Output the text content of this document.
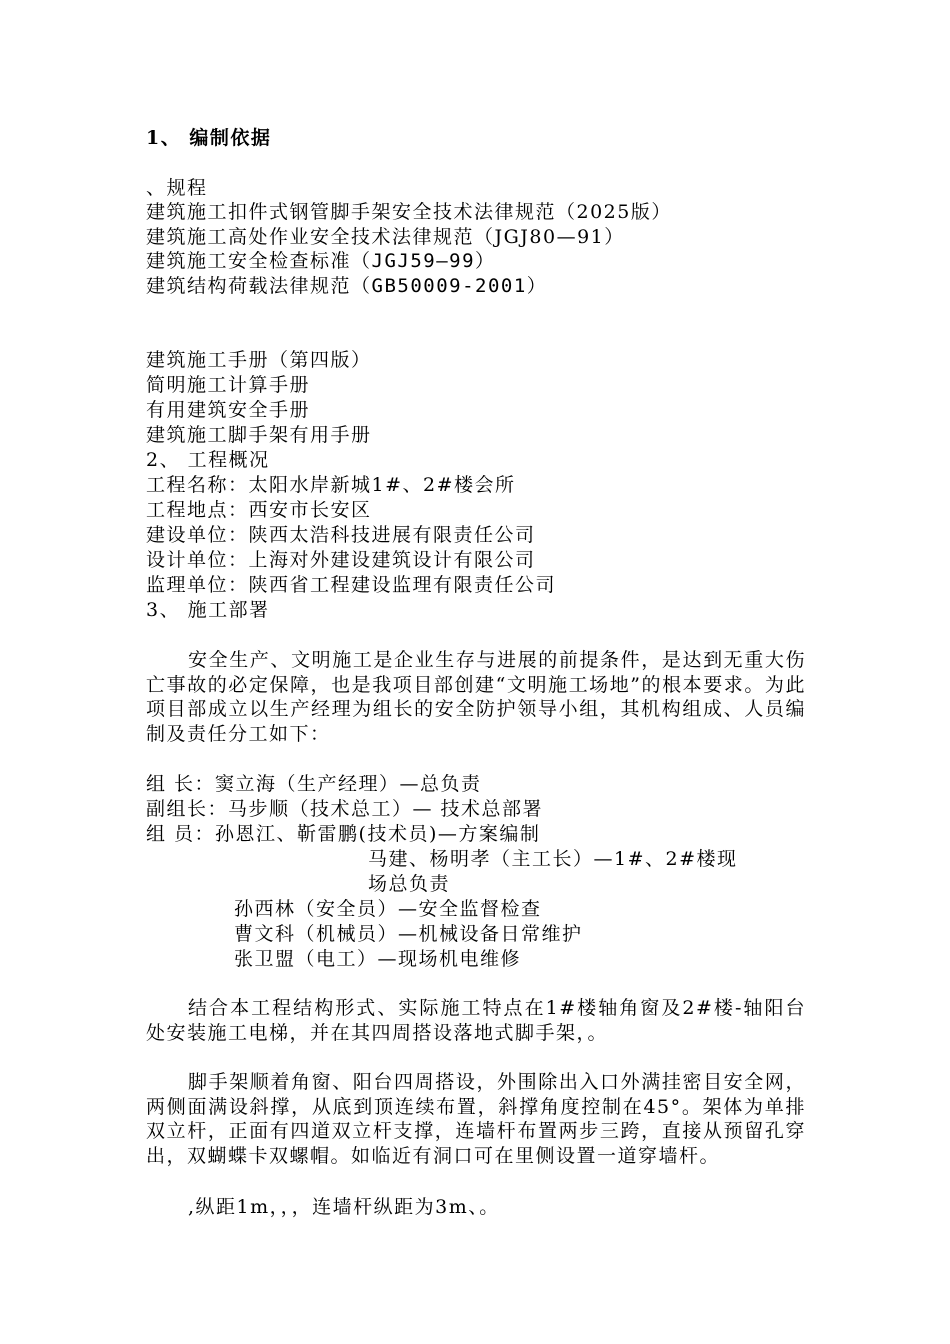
1、 编制依据
、规程
建筑施工扣件式钢管脚手架安全技术法律规范（2025版）
建筑施工高处作业安全技术法律规范（JGJ80—91）
建筑施工安全检查标准（JGJ59—99）
建筑结构荷载法律规范（GB50009-2001）
建筑施工手册（第四版）
简明施工计算手册
有用建筑安全手册
建筑施工脚手架有用手册
2、 工程概况
工程名称：太阳水岸新城1#、2#楼会所
工程地点：西安市长安区
建设单位：陕西太浩科技进展有限责任公司
设计单位：上海对外建设建筑设计有限公司
监理单位：陕西省工程建设监理有限责任公司
3、 施工部署
安全生产、文明施工是企业生存与进展的前提条件，是达到无重大伤亡事故的必定保障，也是我项目部创建“文明施工场地”的根本要求。为此项目部成立以生产经理为组长的安全防护领导小组，其机构组成、人员编制及责任分工如下：
组 长：窦立海（生产经理）—总负责
副组长：马步顺（技术总工）— 技术总部署
组 员：孙恩江、靳雷鹏(技术员)—方案编制
马建、杨明孝（主工长）—1#、2#楼现
场总负责
孙西林（安全员）—安全监督检查
曹文科（机械员）—机械设备日常维护
张卫盟（电工）—现场机电维修
结合本工程结构形式、实际施工特点在1#楼轴角窗及2#楼-轴阳台处安装施工电梯，并在其四周搭设落地式脚手架，。
脚手架顺着角窗、阳台四周搭设，外围除出入口外满挂密目安全网，两侧面满设斜撑，从底到顶连续布置，斜撑角度控制在45°。架体为单排双立杆，正面有四道双立杆支撑，连墙杆布置两步三跨，直接从预留孔穿出，双蝴蝶卡双螺帽。如临近有洞口可在里侧设置一道穿墙杆。
,纵距1m，，，连墙杆纵距为3m、。
